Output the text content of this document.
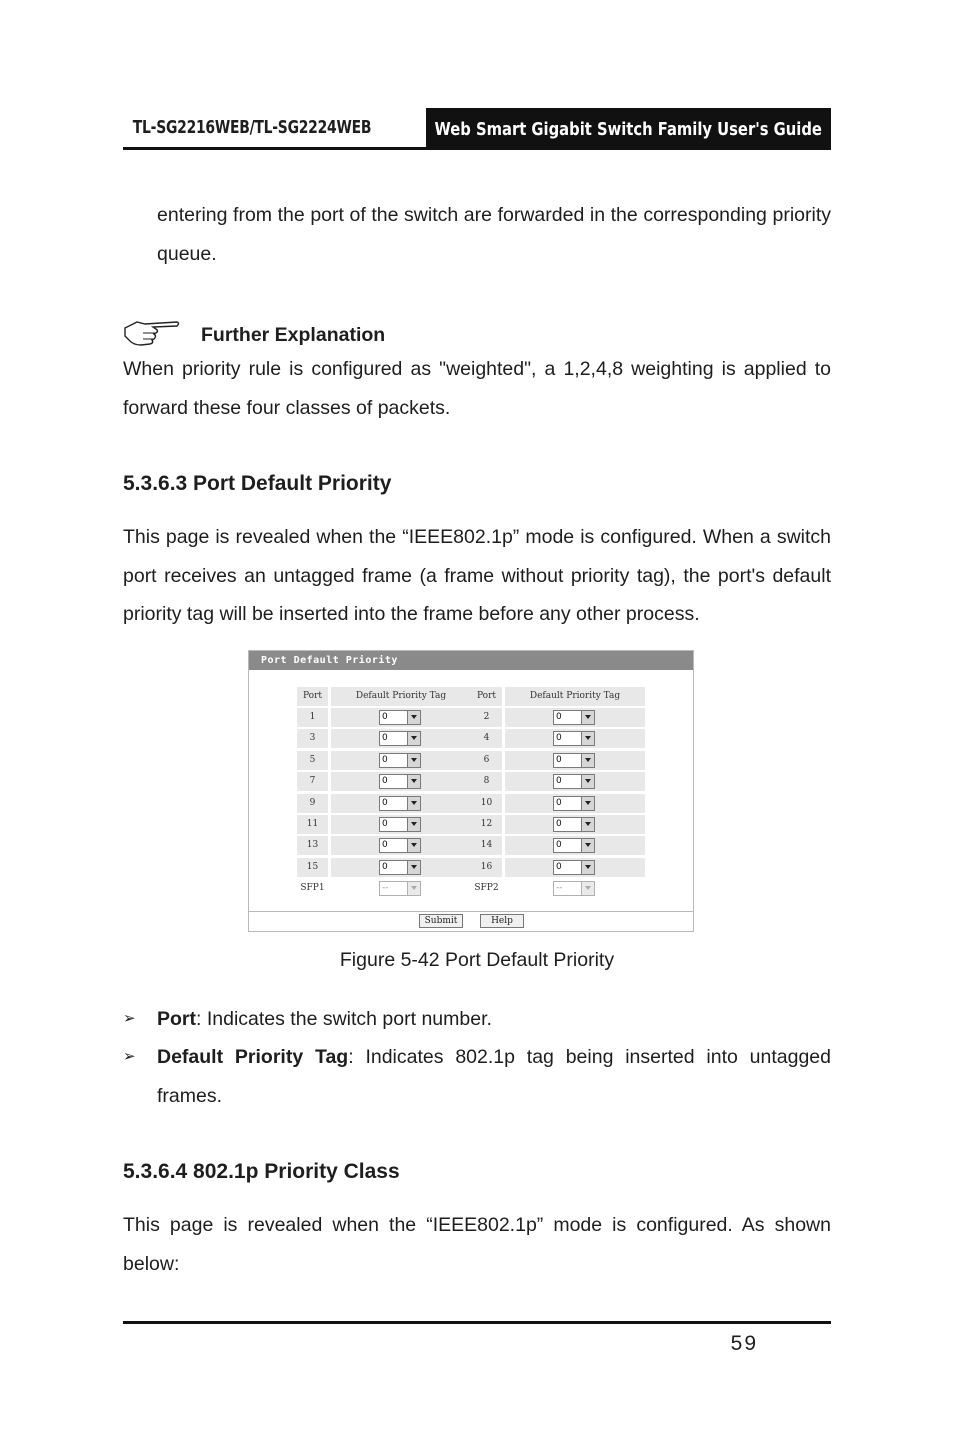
TL-SG2216WEB/TL-SG2224WEB	Web Smart Gigabit Switch Family User's Guide
entering from the port of the switch are forwarded in the corresponding priority queue.
Further Explanation
When priority rule is configured as "weighted", a 1,2,4,8 weighting is applied to forward these four classes of packets.
5.3.6.3 Port Default Priority
This page is revealed when the “IEEE802.1p” mode is configured. When a switch port receives an untagged frame (a frame without priority tag), the port's default priority tag will be inserted into the frame before any other process.
Port Default Priority
Port	Default Priority Tag	Port	Default Priority Tag
1	0	2	0
3	0	4	0
5	0	6	0
7	0	8	0
9	0	10	0
11	0	12	0
13	0	14	0
15	0	16	0
SFP1	--	SFP2	--
Submit	Help
Figure 5-42 Port Default Priority
➢ Port: Indicates the switch port number.
➢ Default Priority Tag: Indicates 802.1p tag being inserted into untagged frames.
5.3.6.4 802.1p Priority Class
This page is revealed when the “IEEE802.1p” mode is configured. As shown below:
59
